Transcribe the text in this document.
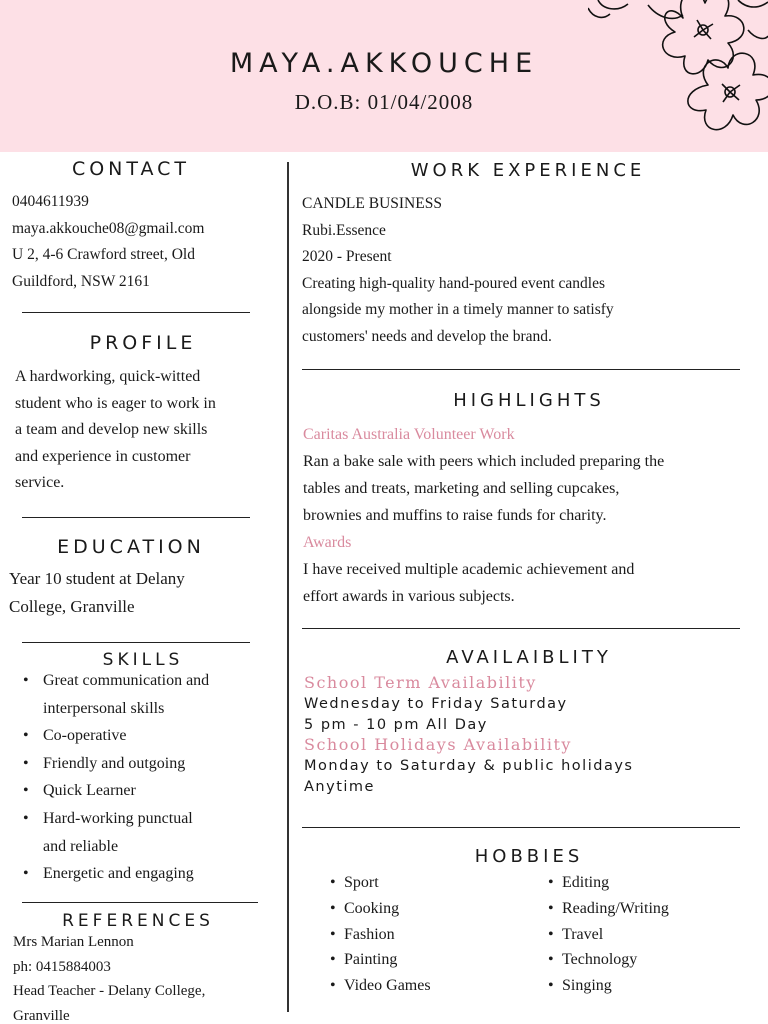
MAYA.AKKOUCHE
D.O.B: 01/04/2008
CONTACT
0404611939
maya.akkouche08@gmail.com
U 2, 4-6 Crawford street, Old
Guildford, NSW 2161
PROFILE
A hardworking, quick-witted
student who is eager to work in
a team and develop new skills
and experience in customer
service.
EDUCATION
Year 10 student at Delany
College, Granville
SKILLS
• Great communication and
interpersonal skills
• Co-operative
• Friendly and outgoing
• Quick Learner
• Hard-working punctual
and reliable
• Energetic and engaging
REFERENCES
Mrs Marian Lennon
ph: 0415884003
Head Teacher - Delany College,
Granville
WORK EXPERIENCE
CANDLE BUSINESS
Rubi.Essence
2020 - Present
Creating high-quality hand-poured event candles
alongside my mother in a timely manner to satisfy
customers' needs and develop the brand.
HIGHLIGHTS
Caritas Australia Volunteer Work
Ran a bake sale with peers which included preparing the
tables and treats, marketing and selling cupcakes,
brownies and muffins to raise funds for charity.
Awards
I have received multiple academic achievement and
effort awards in various subjects.
AVAILAIBLITY
School Term Availability
Wednesday to Friday Saturday
5 pm - 10 pm All Day
School Holidays Availability
Monday to Saturday & public holidays
Anytime
HOBBIES
• Sport
• Cooking
• Fashion
• Painting
• Video Games
• Editing
• Reading/Writing
• Travel
• Technology
• Singing
